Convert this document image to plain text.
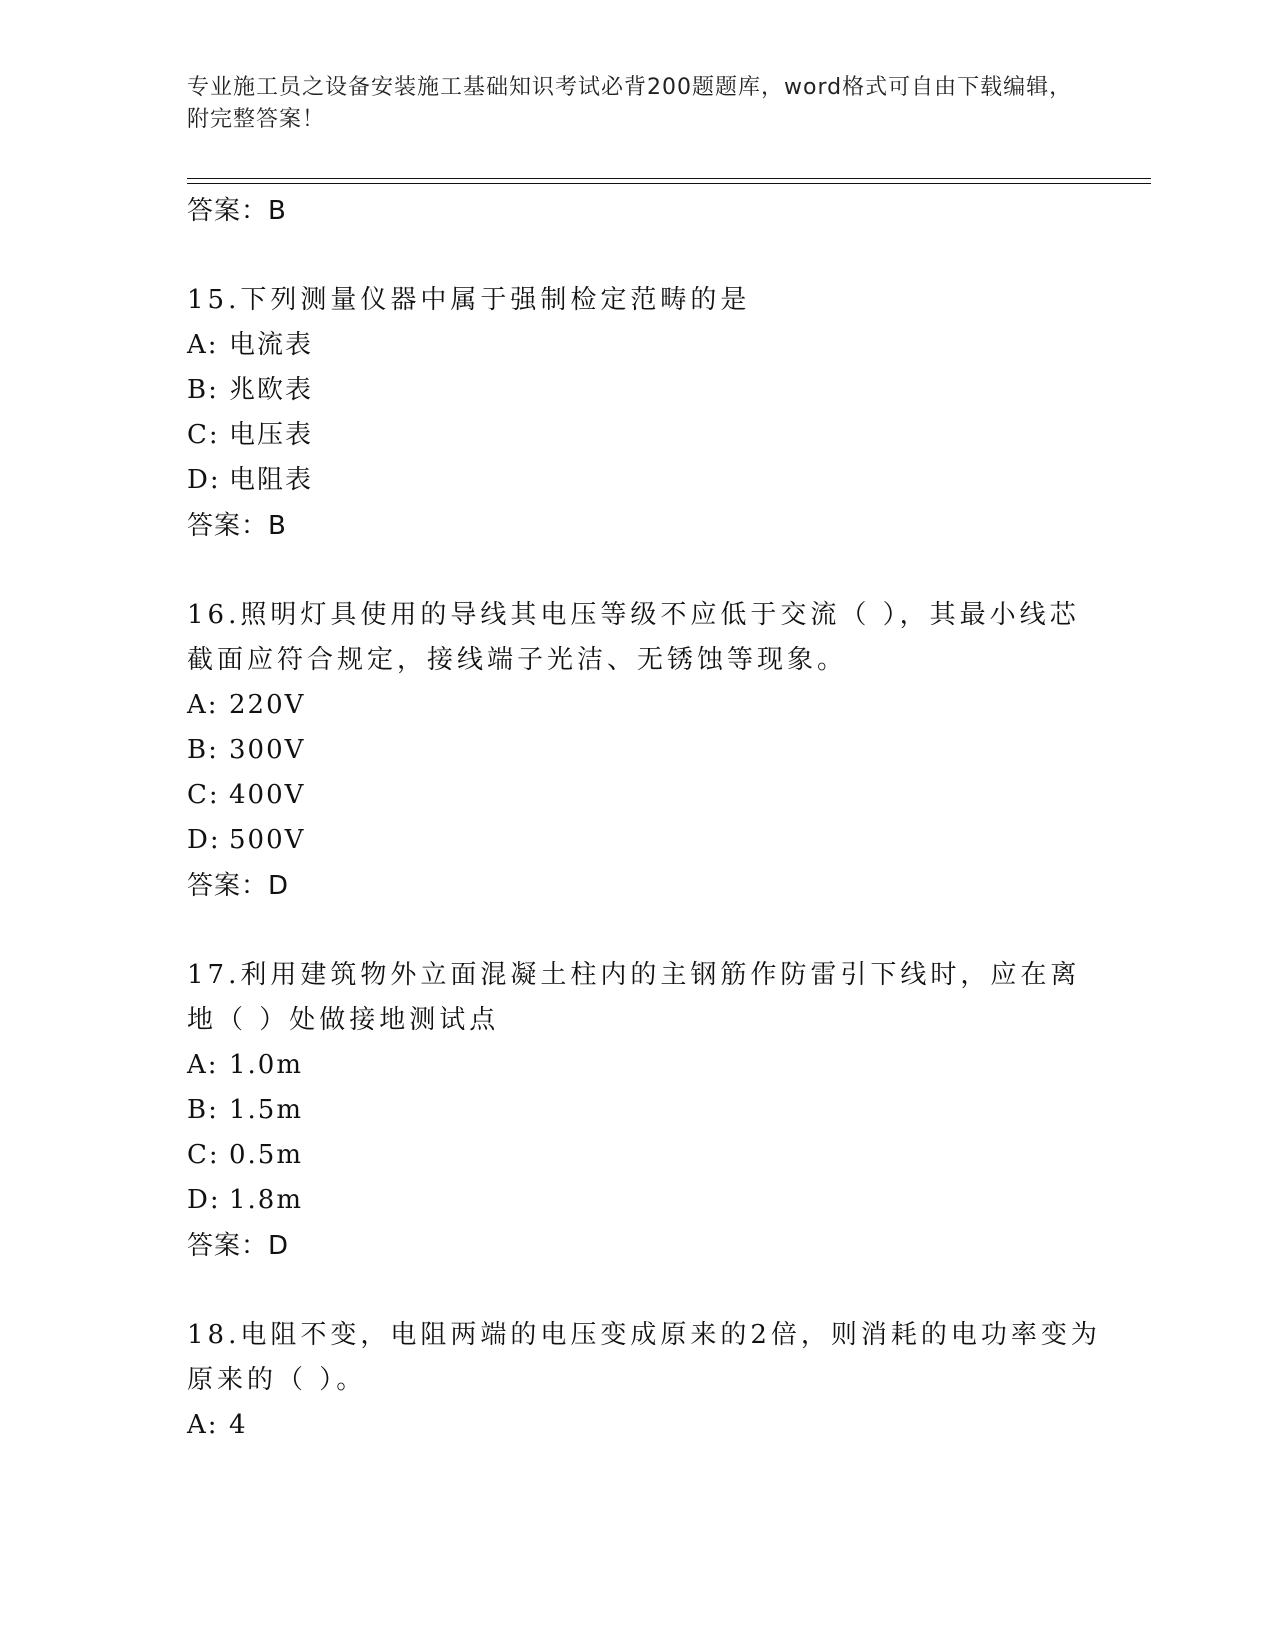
专业施工员之设备安装施工基础知识考试必背200题题库，word格式可自由下载编辑，附完整答案！
答案：B
15.下列测量仪器中属于强制检定范畴的是
A: 电流表
B: 兆欧表
C: 电压表
D: 电阻表
答案：B
16.照明灯具使用的导线其电压等级不应低于交流（ ），其最小线芯截面应符合规定，接线端子光洁、无锈蚀等现象。
A: 220V
B: 300V
C: 400V
D: 500V
答案：D
17.利用建筑物外立面混凝土柱内的主钢筋作防雷引下线时，应在离地（ ）处做接地测试点
A: 1.0m
B: 1.5m
C: 0.5m
D: 1.8m
答案：D
18.电阻不变，电阻两端的电压变成原来的2倍，则消耗的电功率变为原来的（ ）。
A: 4
